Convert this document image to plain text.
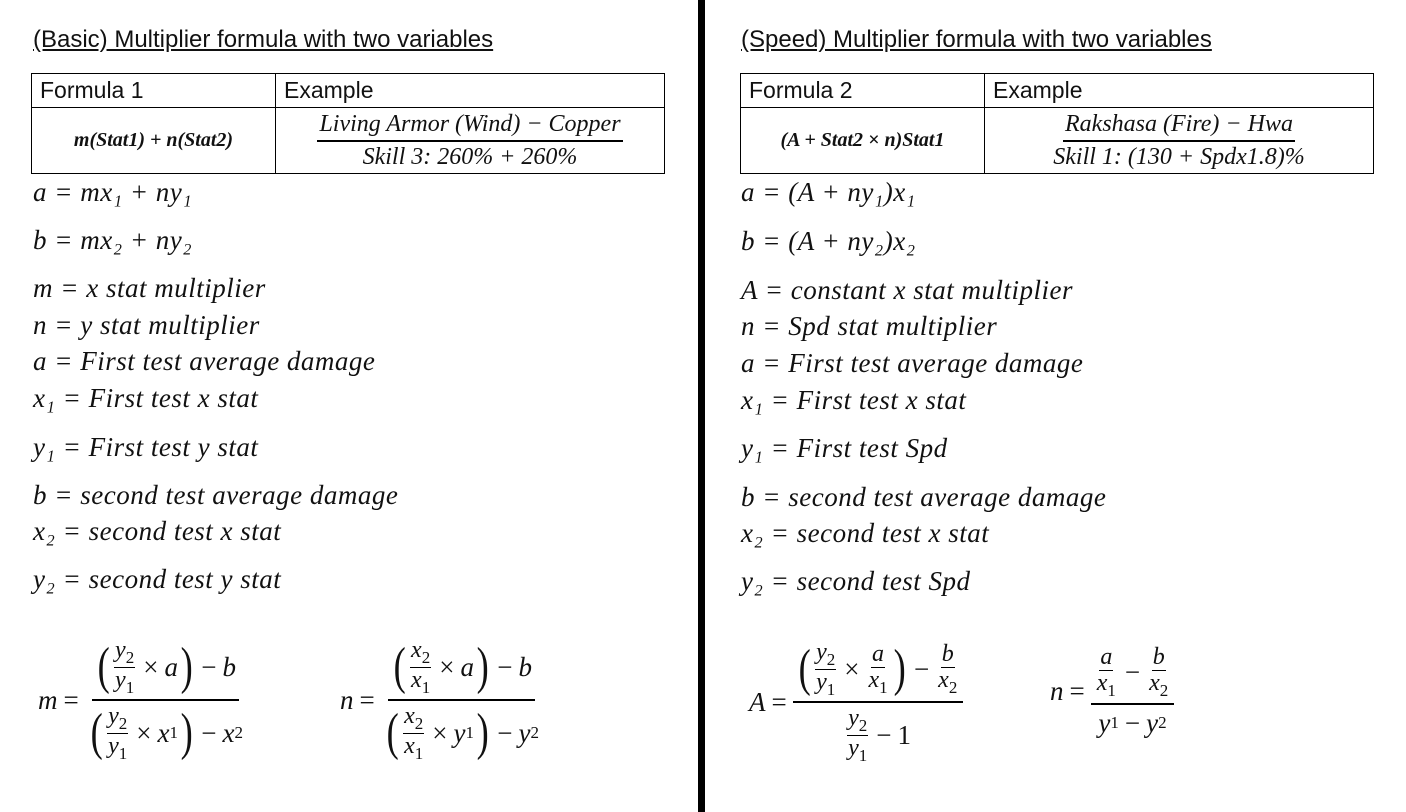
(Basic) Multiplier formula with two variables
Formula 1	Example
m(Stat1) + n(Stat2)	Living Armor (Wind) − Copper
Skill 3: 260% + 260%
a = mx₁ + ny₁
b = mx₂ + ny₂
m = x stat multiplier
n = y stat multiplier
a = First test average damage
x₁ = First test x stat
y₁ = First test y stat
b = second test average damage
x₂ = second test x stat
y₂ = second test y stat
$m = \frac{( \frac{y_2}{y_1} \times a ) - b}{( \frac{y_2}{y_1} \times x 1 ) - x 2}$	$n = \frac{( \frac{x_2}{x_1} \times a ) - b}{( \frac{x_2}{x_1} \times y 1 ) - y 2}$
(Speed) Multiplier formula with two variables
Formula 2	Example
(A + Stat2 × n)Stat1	Rakshasa (Fire) − Hwa
Skill 1: (130 + Spdx1.8)%
a = (A + ny₁)x₁
b = (A + ny₂)x₂
A = constant x stat multiplier
n = Spd stat multiplier
a = First test average damage
x₁ = First test x stat
y₁ = First test Spd
b = second test average damage
x₂ = second test x stat
y₂ = second test Spd
A = ( $\frac{y_2}{y_1} \times \frac{a}{x_1}$ ) − $\frac{b}{x_2}$
$y_2$
$y_1$
− 1	n = a
$x_1$
− $\frac{b}{x_2}$
y 1 − y 2
